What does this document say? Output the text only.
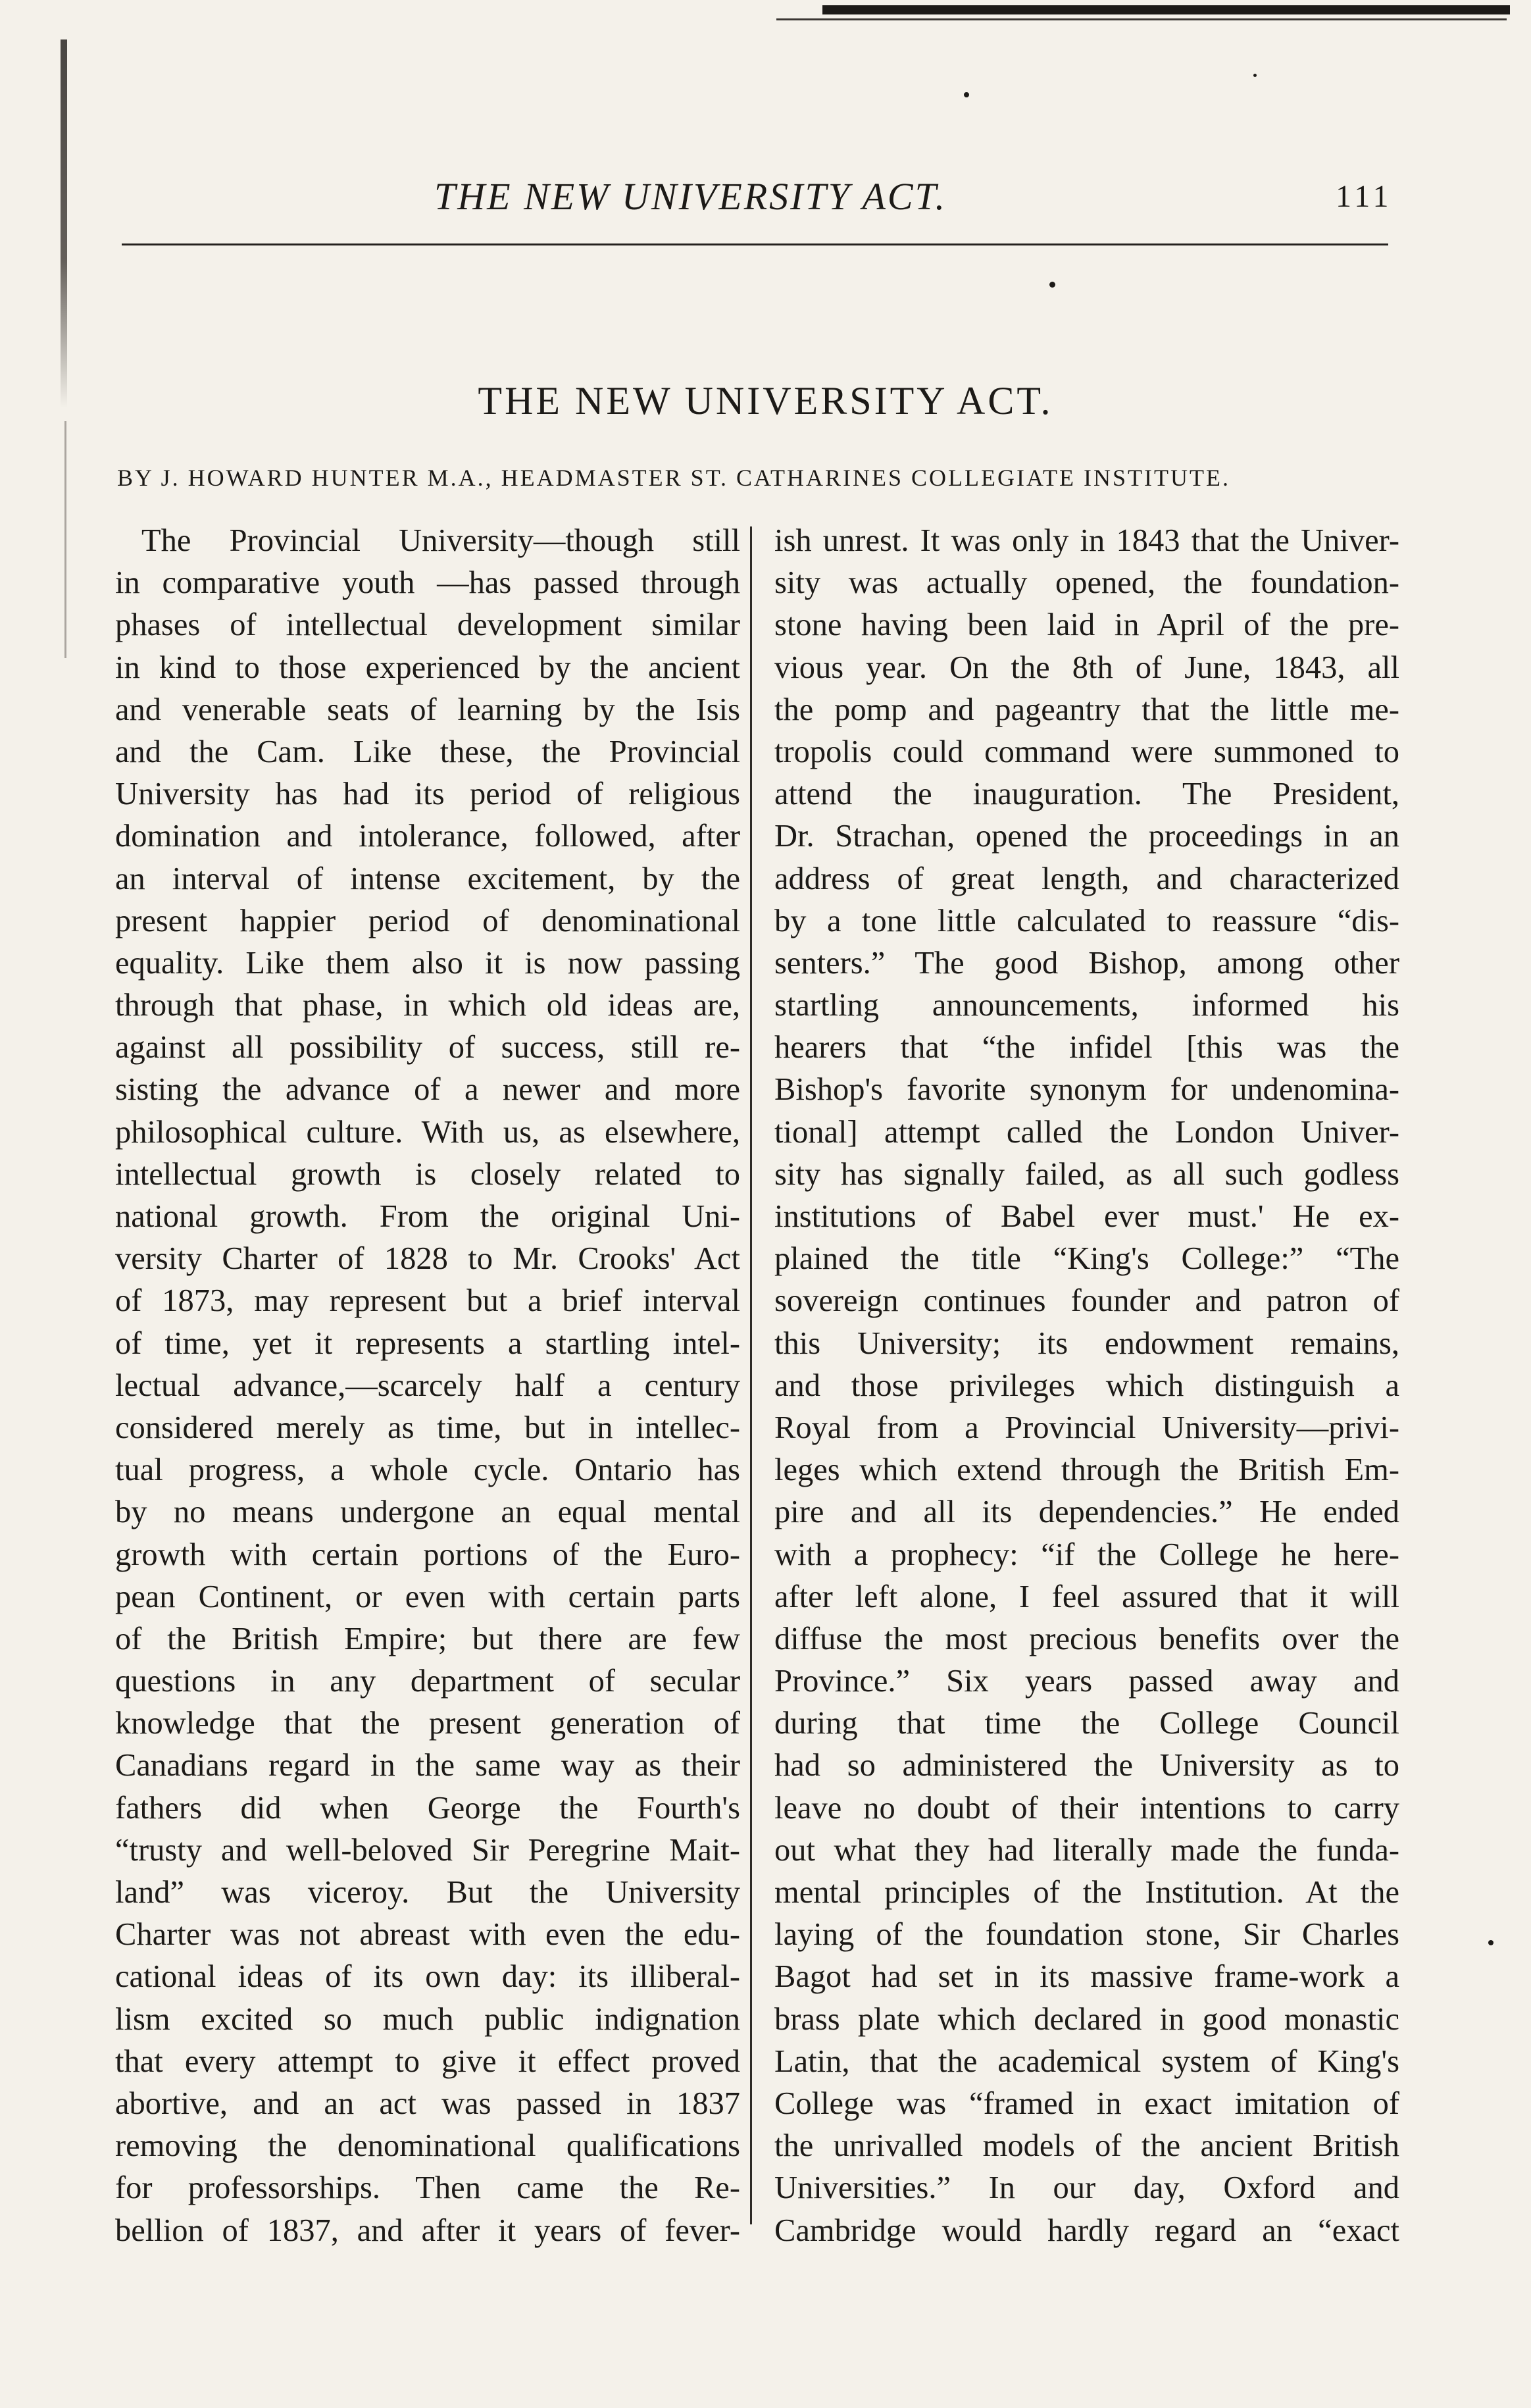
THE NEW UNIVERSITY ACT.	111
THE NEW UNIVERSITY ACT.
BY J. HOWARD HUNTER M.A., HEADMASTER ST. CATHARINES COLLEGIATE INSTITUTE.
The Provincial University—though still
in comparative youth —has passed through
phases of intellectual development similar
in kind to those experienced by the ancient
and venerable seats of learning by the Isis
and the Cam. Like these, the Provincial
University has had its period of religious
domination and intolerance, followed, after
an interval of intense excitement, by the
present happier period of denominational
equality. Like them also it is now passing
through that phase, in which old ideas are,
against all possibility of success, still re-
sisting the advance of a newer and more
philosophical culture. With us, as elsewhere,
intellectual growth is closely related to
national growth. From the original Uni-
versity Charter of 1828 to Mr. Crooks' Act
of 1873, may represent but a brief interval
of time, yet it represents a startling intel-
lectual advance,—scarcely half a century
considered merely as time, but in intellec-
tual progress, a whole cycle. Ontario has
by no means undergone an equal mental
growth with certain portions of the Euro-
pean Continent, or even with certain parts
of the British Empire; but there are few
questions in any department of secular
knowledge that the present generation of
Canadians regard in the same way as their
fathers did when George the Fourth's
“trusty and well-beloved Sir Peregrine Mait-
land” was viceroy. But the University
Charter was not abreast with even the edu-
cational ideas of its own day: its illiberal-
lism excited so much public indignation
that every attempt to give it effect proved
abortive, and an act was passed in 1837
removing the denominational qualifications
for professorships. Then came the Re-
bellion of 1837, and after it years of fever-
ish unrest. It was only in 1843 that the Univer-
sity was actually opened, the foundation-
stone having been laid in April of the pre-
vious year. On the 8th of June, 1843, all
the pomp and pageantry that the little me-
tropolis could command were summoned to
attend the inauguration. The President,
Dr. Strachan, opened the proceedings in an
address of great length, and characterized
by a tone little calculated to reassure “dis-
senters.” The good Bishop, among other
startling announcements, informed his
hearers that “the infidel [this was the
Bishop's favorite synonym for undenomina-
tional] attempt called the London Univer-
sity has signally failed, as all such godless
institutions of Babel ever must.' He ex-
plained the title “King's College:” “The
sovereign continues founder and patron of
this University; its endowment remains,
and those privileges which distinguish a
Royal from a Provincial University—privi-
leges which extend through the British Em-
pire and all its dependencies.” He ended
with a prophecy: “if the College he here-
after left alone, I feel assured that it will
diffuse the most precious benefits over the
Province.” Six years passed away and
during that time the College Council
had so administered the University as to
leave no doubt of their intentions to carry
out what they had literally made the funda-
mental principles of the Institution. At the
laying of the foundation stone, Sir Charles
Bagot had set in its massive frame-work a
brass plate which declared in good monastic
Latin, that the academical system of King's
College was “framed in exact imitation of
the unrivalled models of the ancient British
Universities.” In our day, Oxford and
Cambridge would hardly regard an “exact
